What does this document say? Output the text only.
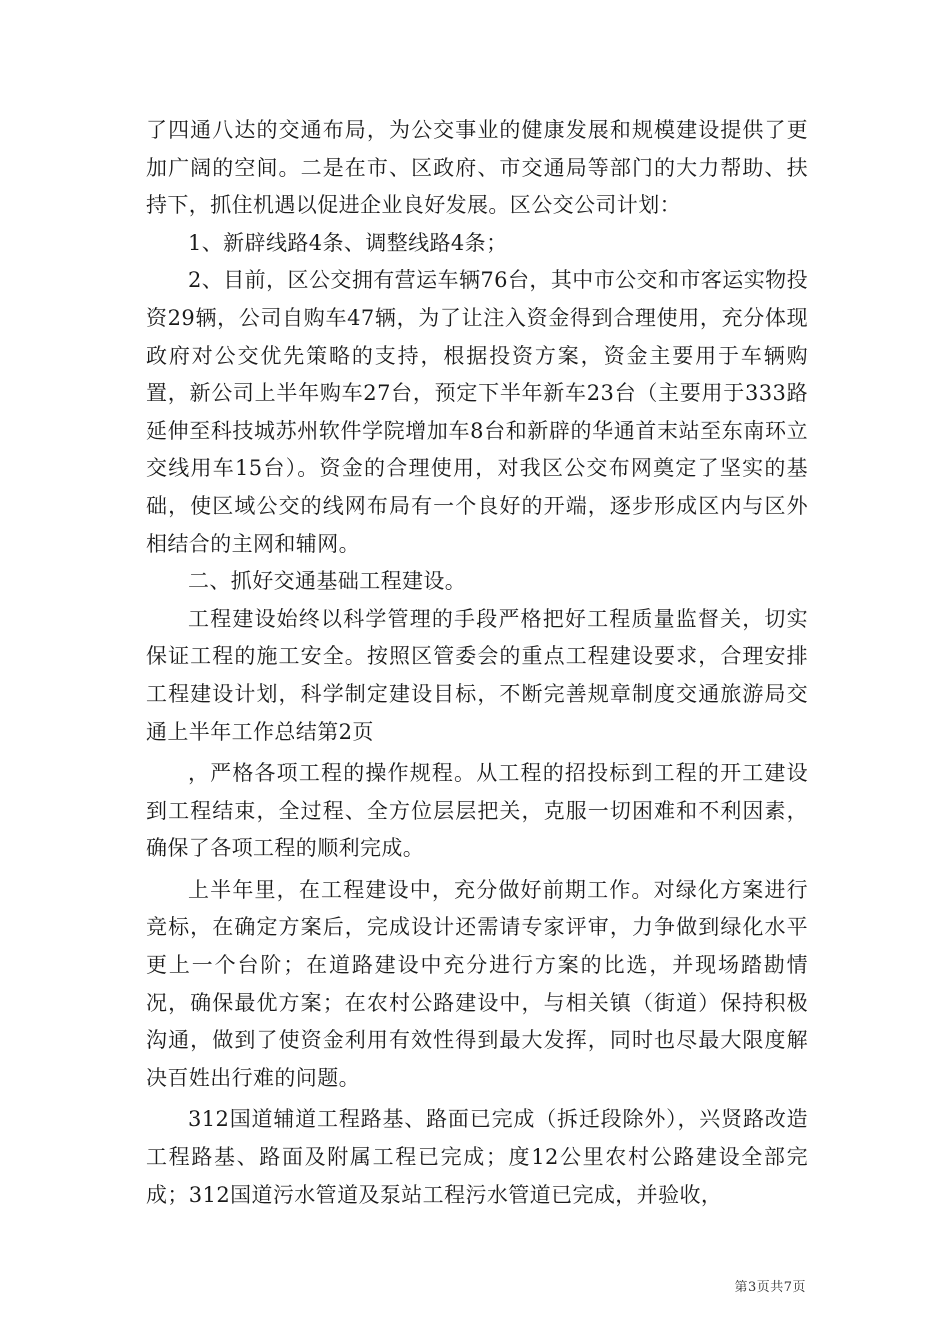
了四通八达的交通布局，为公交事业的健康发展和规模建设提供了更加广阔的空间。二是在市、区政府、市交通局等部门的大力帮助、扶持下，抓住机遇以促进企业良好发展。区公交公司计划：

1、新辟线路4条、调整线路4条；

2、目前，区公交拥有营运车辆76台，其中市公交和市客运实物投资29辆，公司自购车47辆，为了让注入资金得到合理使用，充分体现政府对公交优先策略的支持，根据投资方案，资金主要用于车辆购置，新公司上半年购车27台，预定下半年新车23台（主要用于333路延伸至科技城苏州软件学院增加车8台和新辟的华通首末站至东南环立交线用车15台）。资金的合理使用，对我区公交布网奠定了坚实的基础，使区域公交的线网布局有一个良好的开端，逐步形成区内与区外相结合的主网和辅网。

二、抓好交通基础工程建设。

工程建设始终以科学管理的手段严格把好工程质量监督关，切实保证工程的施工安全。按照区管委会的重点工程建设要求，合理安排工程建设计划，科学制定建设目标，不断完善规章制度交通旅游局交通上半年工作总结第2页

，严格各项工程的操作规程。从工程的招投标到工程的开工建设到工程结束，全过程、全方位层层把关，克服一切困难和不利因素，确保了各项工程的顺利完成。

上半年里，在工程建设中，充分做好前期工作。对绿化方案进行竞标，在确定方案后，完成设计还需请专家评审，力争做到绿化水平更上一个台阶；在道路建设中充分进行方案的比选，并现场踏勘情况，确保最优方案；在农村公路建设中，与相关镇（街道）保持积极沟通，做到了使资金利用有效性得到最大发挥，同时也尽最大限度解决百姓出行难的问题。

312国道辅道工程路基、路面已完成（拆迁段除外），兴贤路改造工程路基、路面及附属工程已完成；度12公里农村公路建设全部完成；312国道污水管道及泵站工程污水管道已完成，并验收，

第3页共7页
